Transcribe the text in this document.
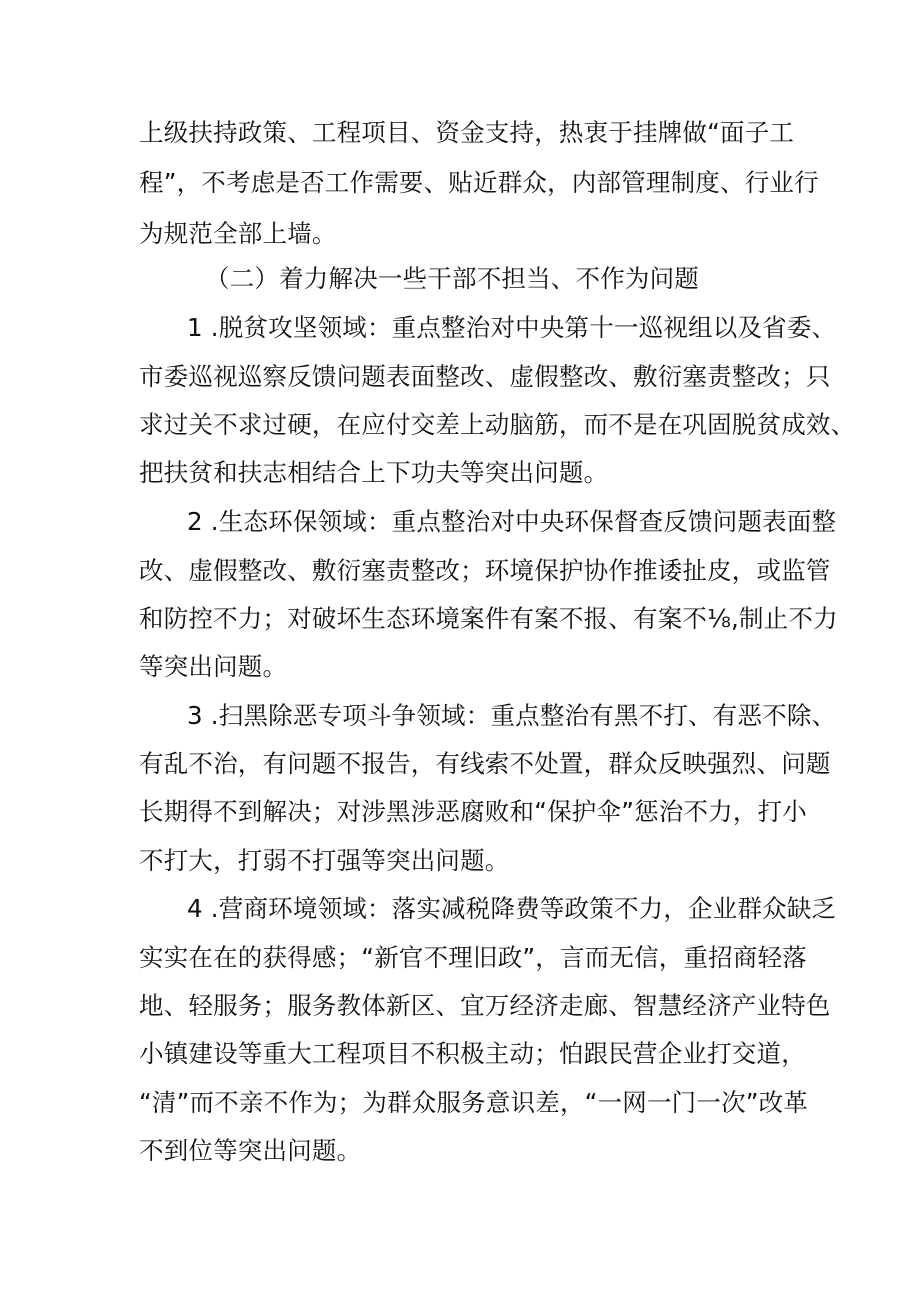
上级扶持政策、工程项目、资金支持，热衷于挂牌做“面子工
程”，不考虑是否工作需要、贴近群众，内部管理制度、行业行
为规范全部上墙。
（二）着力解决一些干部不担当、不作为问题
1 .脱贫攻坚领域：重点整治对中央第十一巡视组以及省委、
市委巡视巡察反馈问题表面整改、虚假整改、敷衍塞责整改；只
求过关不求过硬，在应付交差上动脑筋，而不是在巩固脱贫成效、
把扶贫和扶志相结合上下功夫等突出问题。
2 .生态环保领域：重点整治对中央环保督查反馈问题表面整
改、虚假整改、敷衍塞责整改；环境保护协作推诿扯皮，或监管
和防控不力；对破坏生态环境案件有案不报、有案不⅛,制止不力
等突出问题。
3 .扫黑除恶专项斗争领域：重点整治有黑不打、有恶不除、
有乱不治，有问题不报告，有线索不处置，群众反映强烈、问题
长期得不到解决；对涉黑涉恶腐败和“保护伞”惩治不力，打小
不打大，打弱不打强等突出问题。
4 .营商环境领域：落实减税降费等政策不力，企业群众缺乏
实实在在的获得感；“新官不理旧政”，言而无信，重招商轻落
地、轻服务；服务教体新区、宜万经济走廊、智慧经济产业特色
小镇建设等重大工程项目不积极主动；怕跟民营企业打交道，
“清”而不亲不作为；为群众服务意识差，“一网一门一次”改革
不到位等突出问题。
